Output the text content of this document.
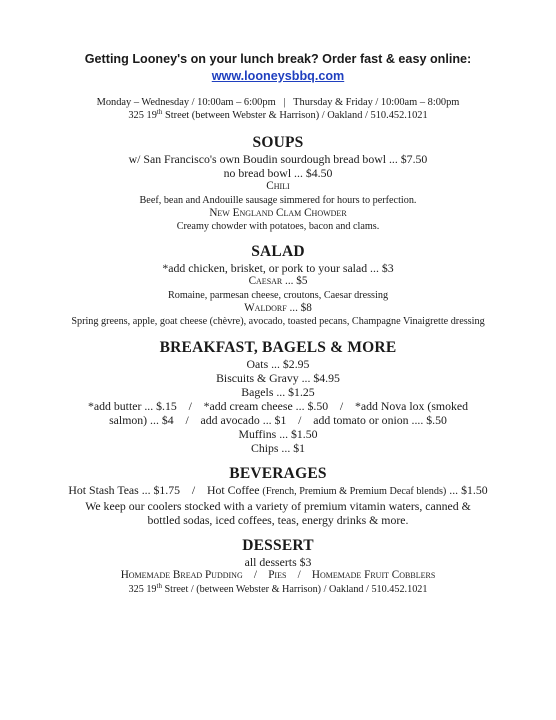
Getting Looney's on your lunch break? Order fast & easy online:

www.looneysbbq.com

Monday – Wednesday / 10:00am – 6:00pm | Thursday & Friday / 10:00am – 8:00pm

325 19th Street (between Webster & Harrison) / Oakland / 510.452.1021

SOUPS

w/ San Francisco's own Boudin sourdough bread bowl ... $7.50

no bread bowl ... $4.50

Chili

Beef, bean and Andouille sausage simmered for hours to perfection.

New England Clam Chowder

Creamy chowder with potatoes, bacon and clams.

SALAD

*add chicken, brisket, or pork to your salad ... $3

Caesar ... $5

Romaine, parmesan cheese, croutons, Caesar dressing

Waldorf ... $8

Spring greens, apple, goat cheese (chèvre), avocado, toasted pecans, Champagne Vinaigrette dressing

BREAKFAST, BAGELS & MORE

Oats ... $2.95

Biscuits & Gravy ... $4.95

Bagels ... $1.25

*add butter ... $.15    /    *add cream cheese ... $.50    /    *add Nova lox (smoked

salmon) ... $4    /    add avocado ... $1    /    add tomato or onion .... $.50

Muffins ... $1.50

Chips ... $1

BEVERAGES

Hot Stash Teas ... $1.75 / Hot Coffee (French, Premium & Premium Decaf blends) ... $1.50

We keep our coolers stocked with a variety of premium vitamin waters, canned &

bottled sodas, iced coffees, teas, energy drinks & more.

DESSERT

all desserts $3

Homemade Bread Pudding    /    Pies    /    Homemade Fruit Cobblers

325 19th Street / (between Webster & Harrison) / Oakland / 510.452.1021
